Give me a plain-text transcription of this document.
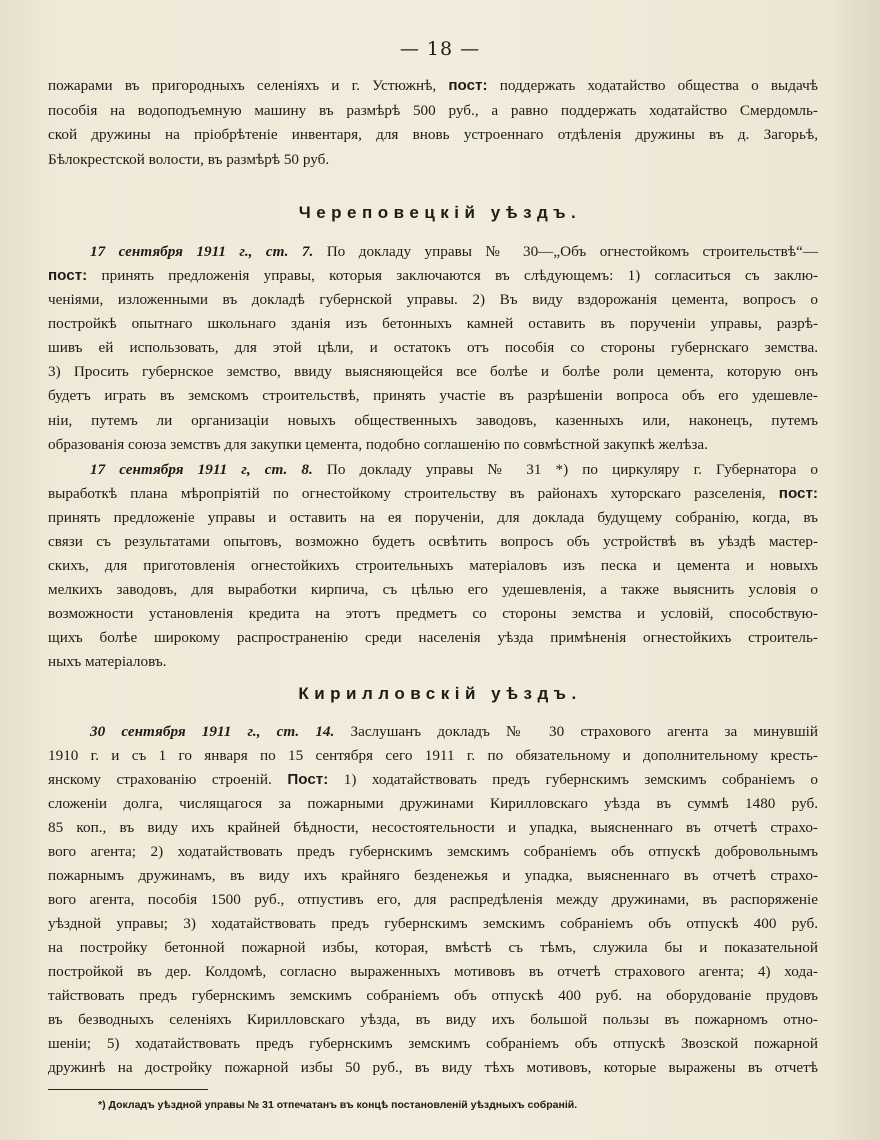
— 18 —
пожарами въ пригородныхъ селеніяхъ и г. Устюжнѣ, пост: поддержать ходатайство общества о выдачѣ
пособія на водоподъемную машину въ размѣрѣ 500 руб., а равно поддержать ходатайство Смердомль-
ской дружины на пріобрѣтеніе инвентаря, для вновь устроеннаго отдѣленія дружины въ д. Загорьѣ,
Бѣлокрестской волости, въ размѣрѣ 50 руб.
Череповецкій уѣздъ.
17 сентября 1911 г., ст. 7. По докладу управы № 30—„Объ огнестойкомъ строительствѣ“—
пост: принять предложенія управы, которыя заключаются въ слѣдующемъ: 1) согласиться съ заклю-
ченіями, изложенными въ докладѣ губернской управы. 2) Въ виду вздорожанія цемента, вопросъ о
постройкѣ опытнаго школьнаго зданія изъ бетонныхъ камней оставить въ порученіи управы, разрѣ-
шивъ ей использовать, для этой цѣли, и остатокъ отъ пособія со стороны губернскаго земства.
3) Просить губернское земство, ввиду выясняющейся все болѣе и болѣе роли цемента, которую онъ
будетъ играть въ земскомъ строительствѣ, принять участіе въ разрѣшеніи вопроса объ его удешевле-
ніи, путемъ ли организаціи новыхъ общественныхъ заводовъ, казенныхъ или, наконецъ, путемъ
образованія союза земствъ для закупки цемента, подобно соглашенію по совмѣстной закупкѣ желѣза.
17 сентября 1911 г, ст. 8. По докладу управы № 31 *) по циркуляру г. Губернатора о
выработкѣ плана мѣропріятій по огнестойкому строительству въ районахъ хуторскаго разселенія, пост:
принять предложеніе управы и оставить на ея порученіи, для доклада будущему собранію, когда, въ
связи съ результатами опытовъ, возможно будетъ освѣтить вопросъ объ устройствѣ въ уѣздѣ мастер-
скихъ, для приготовленія огнестойкихъ строительныхъ матеріаловъ изъ песка и цемента и новыхъ
мелкихъ заводовъ, для выработки кирпича, съ цѣлью его удешевленія, а также выяснить условія о
возможности установленія кредита на этотъ предметъ со стороны земства и условій, способствую-
щихъ болѣе широкому распространенію среди населенія уѣзда примѣненія огнестойкихъ строитель-
ныхъ матеріаловъ.
Кирилловскій уѣздъ.
30 сентября 1911 г., ст. 14. Заслушанъ докладъ № 30 страхового агента за минувшій
1910 г. и съ 1 го января по 15 сентября сего 1911 г. по обязательному и дополнительному кресть-
янскому страхованію строеній. Пост: 1) ходатайствовать предъ губернскимъ земскимъ собраніемъ о
сложеніи долга, числящагося за пожарными дружинами Кирилловскаго уѣзда въ суммѣ 1480 руб.
85 коп., въ виду ихъ крайней бѣдности, несостоятельности и упадка, выясненнаго въ отчетѣ страхо-
вого агента; 2) ходатайствовать предъ губернскимъ земскимъ собраніемъ объ отпускѣ добровольнымъ
пожарнымъ дружинамъ, въ виду ихъ крайняго безденежья и упадка, выясненнаго въ отчетѣ страхо-
вого агента, пособія 1500 руб., отпустивъ его, для распредѣленія между дружинами, въ распоряженіе
уѣздной управы; 3) ходатайствовать предъ губернскимъ земскимъ собраніемъ объ отпускѣ 400 руб.
на постройку бетонной пожарной избы, которая, вмѣстѣ съ тѣмъ, служила бы и показательной
постройкой въ дер. Колдомѣ, согласно выраженныхъ мотивовъ въ отчетѣ страхового агента; 4) хода-
тайствовать предъ губернскимъ земскимъ собраніемъ объ отпускѣ 400 руб. на оборудованіе прудовъ
въ безводныхъ селеніяхъ Кирилловскаго уѣзда, въ виду ихъ большой пользы въ пожарномъ отно-
шеніи; 5) ходатайствовать предъ губернскимъ земскимъ собраніемъ объ отпускѣ Звозской пожарной
дружинѣ на достройку пожарной избы 50 руб., въ виду тѣхъ мотивовъ, которые выражены въ отчетѣ
*) Докладъ уѣздной управы № 31 отпечатанъ въ концѣ постановленій уѣздныхъ собраній.
